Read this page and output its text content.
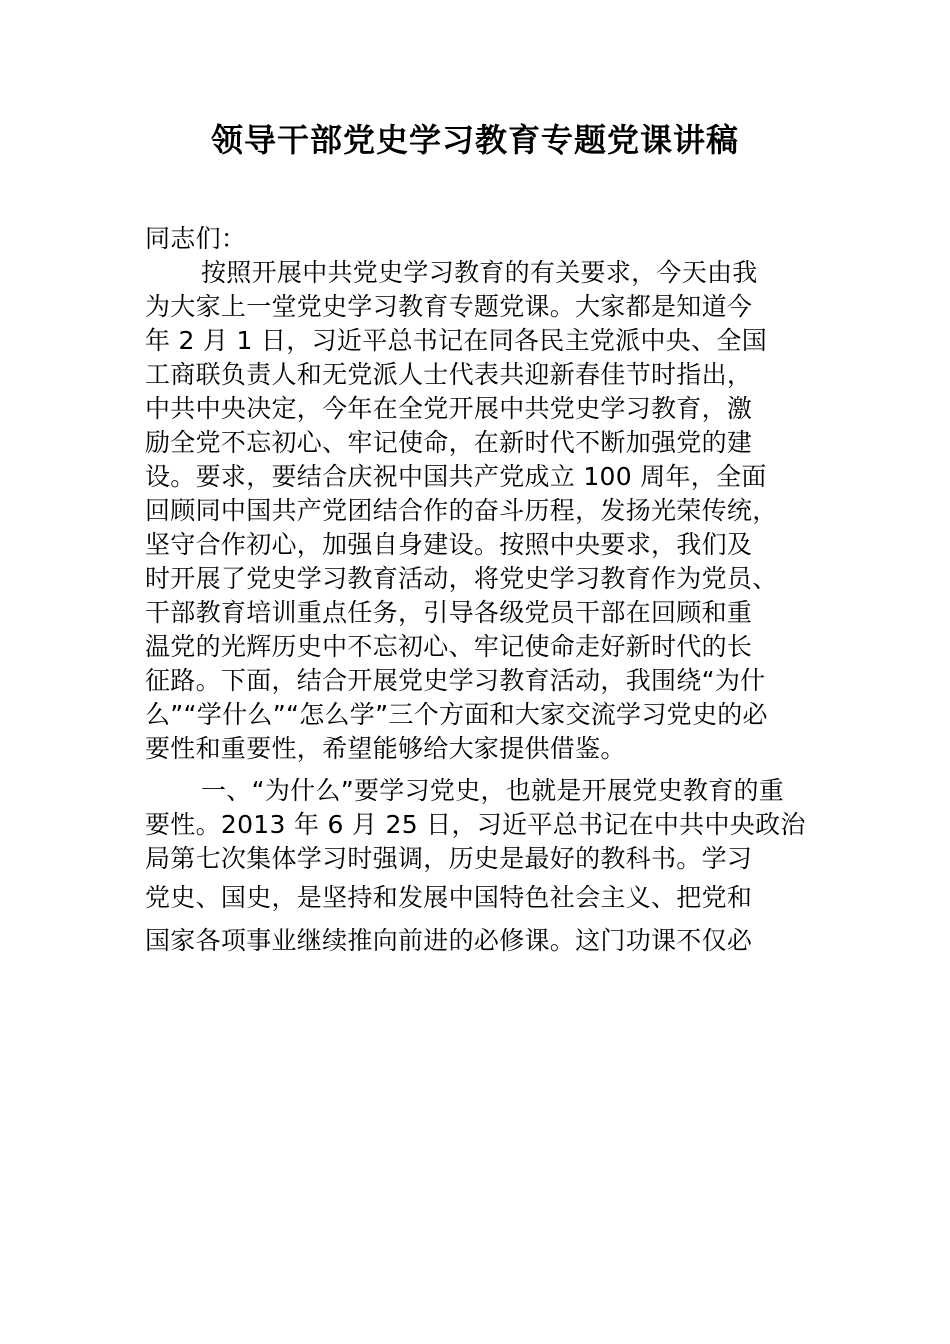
领导干部党史学习教育专题党课讲稿
同志们：
按照开展中共党史学习教育的有关要求，今天由我
为大家上一堂党史学习教育专题党课。大家都是知道今
年 2 月 1 日，习近平总书记在同各民主党派中央、全国
工商联负责人和无党派人士代表共迎新春佳节时指出，
中共中央决定，今年在全党开展中共党史学习教育，激
励全党不忘初心、牢记使命，在新时代不断加强党的建
设。要求，要结合庆祝中国共产党成立 100 周年，全面
回顾同中国共产党团结合作的奋斗历程，发扬光荣传统，
坚守合作初心，加强自身建设。按照中央要求，我们及
时开展了党史学习教育活动，将党史学习教育作为党员、
干部教育培训重点任务，引导各级党员干部在回顾和重
温党的光辉历史中不忘初心、牢记使命走好新时代的长
征路。下面，结合开展党史学习教育活动，我围绕“为什
么”“学什么”“怎么学”三个方面和大家交流学习党史的必
要性和重要性，希望能够给大家提供借鉴。
一、“为什么”要学习党史，也就是开展党史教育的重
要性。2013 年 6 月 25 日，习近平总书记在中共中央政治
局第七次集体学习时强调，历史是最好的教科书。学习
党史、国史，是坚持和发展中国特色社会主义、把党和
国家各项事业继续推向前进的必修课。这门功课不仅必
